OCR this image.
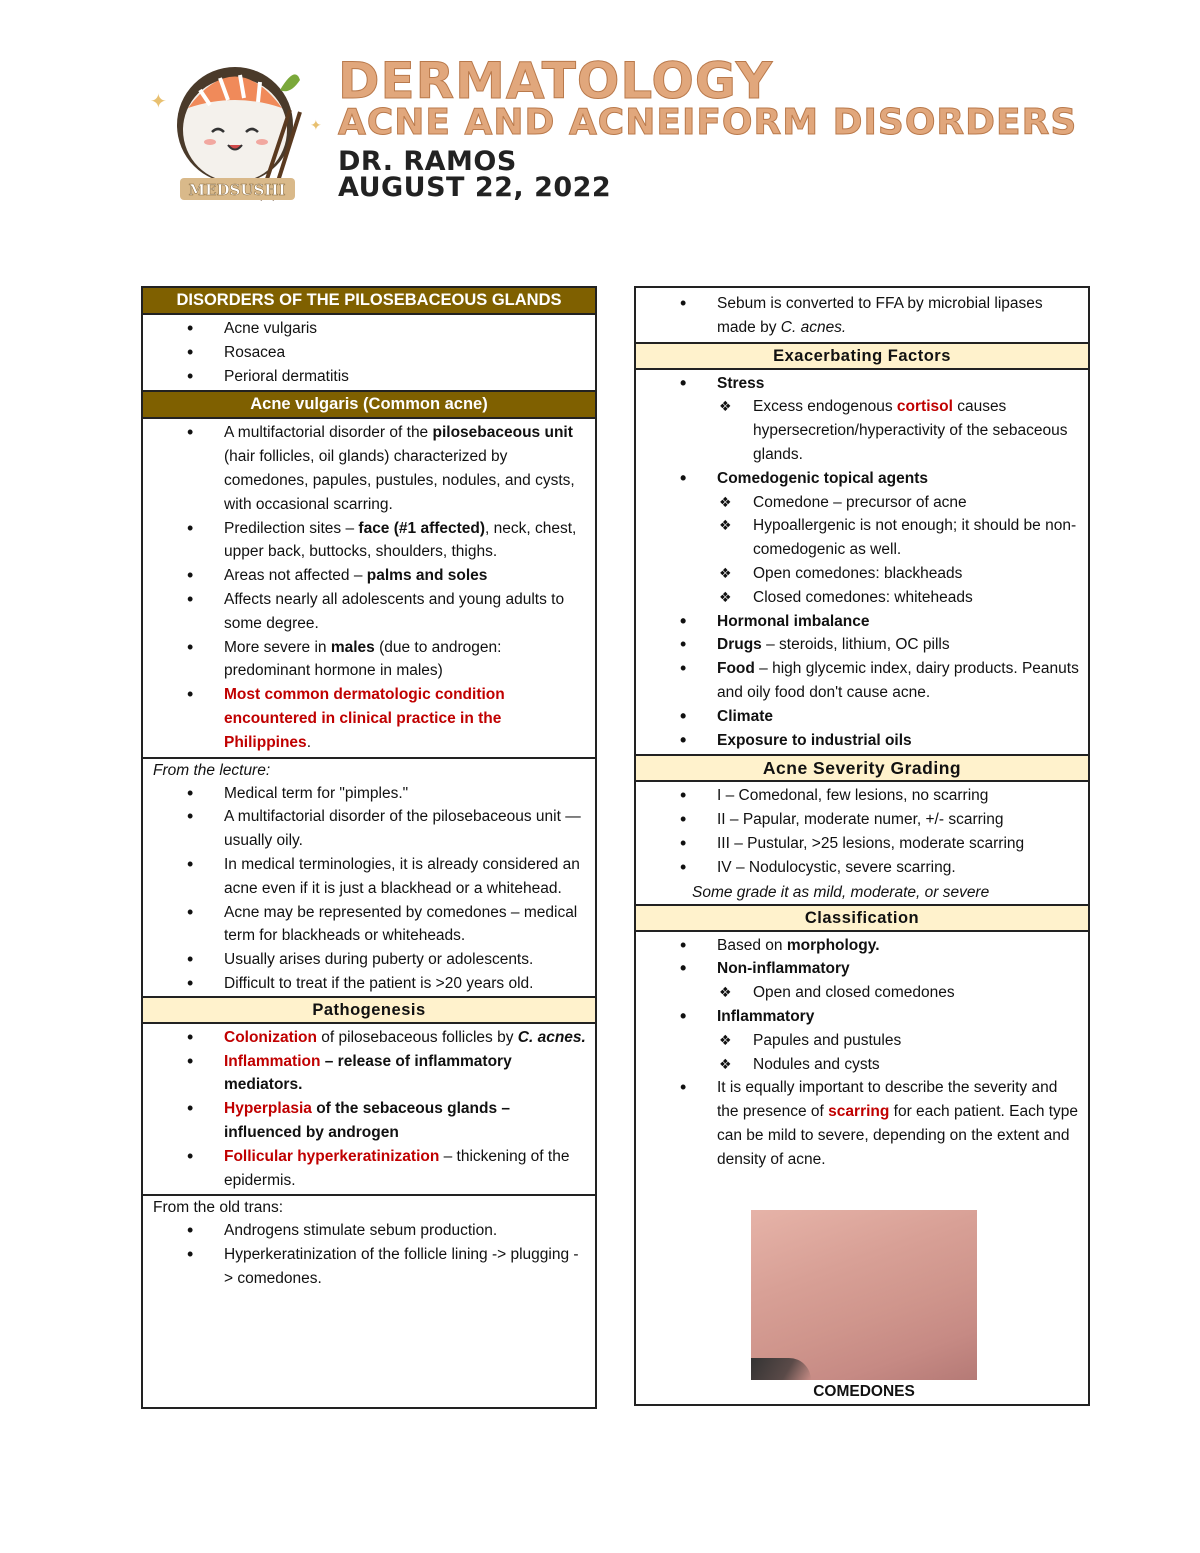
✦
✦
MEDSUSHI
DERMATOLOGY
ACNE AND ACNEIFORM DISORDERS
DR. RAMOS
AUGUST 22, 2022
DISORDERS OF THE PILOSEBACEOUS GLANDS
• Acne vulgaris
• Rosacea
• Perioral dermatitis
Acne vulgaris (Common acne)
• A multifactorial disorder of the pilosebaceous unit (hair follicles, oil glands) characterized by comedones, papules, pustules, nodules, and cysts, with occasional scarring.
• Predilection sites – face (#1 affected), neck, chest, upper back, buttocks, shoulders, thighs.
• Areas not affected – palms and soles
• Affects nearly all adolescents and young adults to some degree.
• More severe in males (due to androgen: predominant hormone in males)
• Most common dermatologic condition encountered in clinical practice in the Philippines.
From the lecture:
• Medical term for "pimples."
• A multifactorial disorder of the pilosebaceous unit — usually oily.
• In medical terminologies, it is already considered an acne even if it is just a blackhead or a whitehead.
• Acne may be represented by comedones – medical term for blackheads or whiteheads.
• Usually arises during puberty or adolescents.
• Difficult to treat if the patient is >20 years old.
Pathogenesis
• Colonization of pilosebaceous follicles by C. acnes.
• Inflammation – release of inflammatory mediators.
• Hyperplasia of the sebaceous glands – influenced by androgen
• Follicular hyperkeratinization – thickening of the epidermis.
From the old trans:
• Androgens stimulate sebum production.
• Hyperkeratinization of the follicle lining -> plugging -> comedones.
• Sebum is converted to FFA by microbial lipases made by C. acnes.
Exacerbating Factors
• Stress
❖ Excess endogenous cortisol causes hypersecretion/hyperactivity of the sebaceous glands.
• Comedogenic topical agents
❖ Comedone – precursor of acne
❖ Hypoallergenic is not enough; it should be non-comedogenic as well.
❖ Open comedones: blackheads
❖ Closed comedones: whiteheads
• Hormonal imbalance
• Drugs – steroids, lithium, OC pills
• Food – high glycemic index, dairy products. Peanuts and oily food don't cause acne.
• Climate
• Exposure to industrial oils
Acne Severity Grading
• I – Comedonal, few lesions, no scarring
• II – Papular, moderate numer, +/- scarring
• III – Pustular, >25 lesions, moderate scarring
• IV – Nodulocystic, severe scarring.
Some grade it as mild, moderate, or severe
Classification
• Based on morphology.
• Non-inflammatory
❖ Open and closed comedones
• Inflammatory
❖ Papules and pustules
❖ Nodules and cysts
• It is equally important to describe the severity and the presence of scarring for each patient. Each type can be mild to severe, depending on the extent and density of acne.
COMEDONES
